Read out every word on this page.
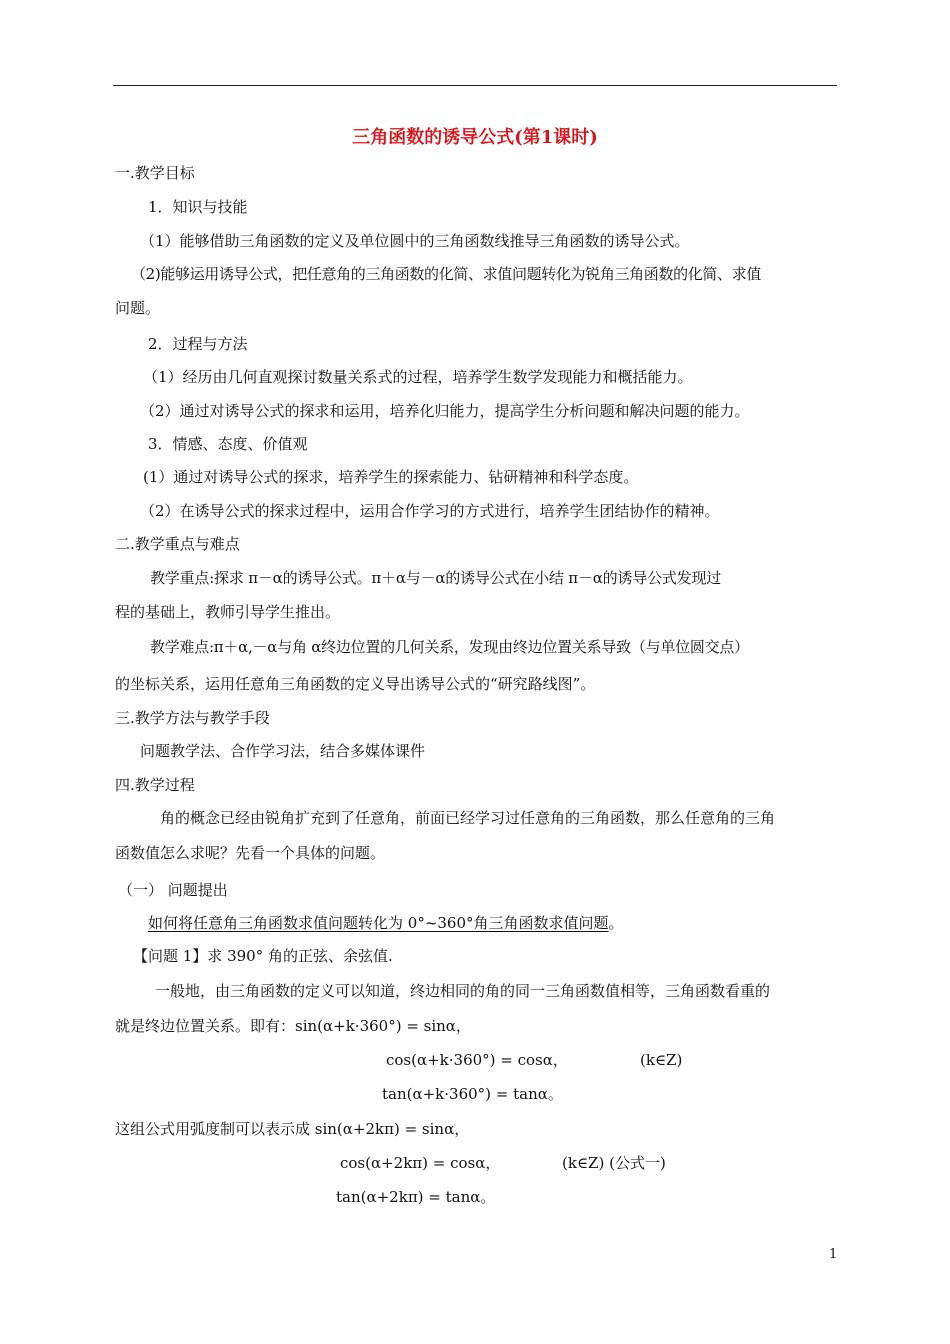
三角函数的诱导公式(第1课时)
一.教学目标
1．知识与技能
（1）能够借助三角函数的定义及单位圆中的三角函数线推导三角函数的诱导公式。
（2)能够运用诱导公式，把任意角的三角函数的化简、求值问题转化为锐角三角函数的化简、求值
问题。
2．过程与方法
（1）经历由几何直观探讨数量关系式的过程，培养学生数学发现能力和概括能力。
（2）通过对诱导公式的探求和运用，培养化归能力，提高学生分析问题和解决问题的能力。
3．情感、态度、价值观
(1）通过对诱导公式的探求，培养学生的探索能力、钻研精神和科学态度。
（2）在诱导公式的探求过程中，运用合作学习的方式进行，培养学生团结协作的精神。
二.教学重点与难点
教学重点:探求 π－α的诱导公式。π＋α与－α的诱导公式在小结 π－α的诱导公式发现过
程的基础上，教师引导学生推出。
教学难点:π＋α,－α与角 α终边位置的几何关系，发现由终边位置关系导致（与单位圆交点）
的坐标关系，运用任意角三角函数的定义导出诱导公式的“研究路线图”。
三.教学方法与教学手段
问题教学法、合作学习法，结合多媒体课件
四.教学过程
角的概念已经由锐角扩充到了任意角，前面已经学习过任意角的三角函数，那么任意角的三角
函数值怎么求呢？先看一个具体的问题。
（一） 问题提出
如何将任意角三角函数求值问题转化为 0°~360°角三角函数求值问题。
【问题 1】求 390° 角的正弦、余弦值.
一般地，由三角函数的定义可以知道，终边相同的角的同一三角函数值相等，三角函数看重的
就是终边位置关系。即有：sin(α+k·360°) = sinα，
cos(α+k·360°) = cosα，	(k∈Z)
tan(α+k·360°) = tanα。
这组公式用弧度制可以表示成 sin(α+2kπ) = sinα，
cos(α+2kπ) = cosα，	(k∈Z) (公式一)
tan(α+2kπ) = tanα。
1
